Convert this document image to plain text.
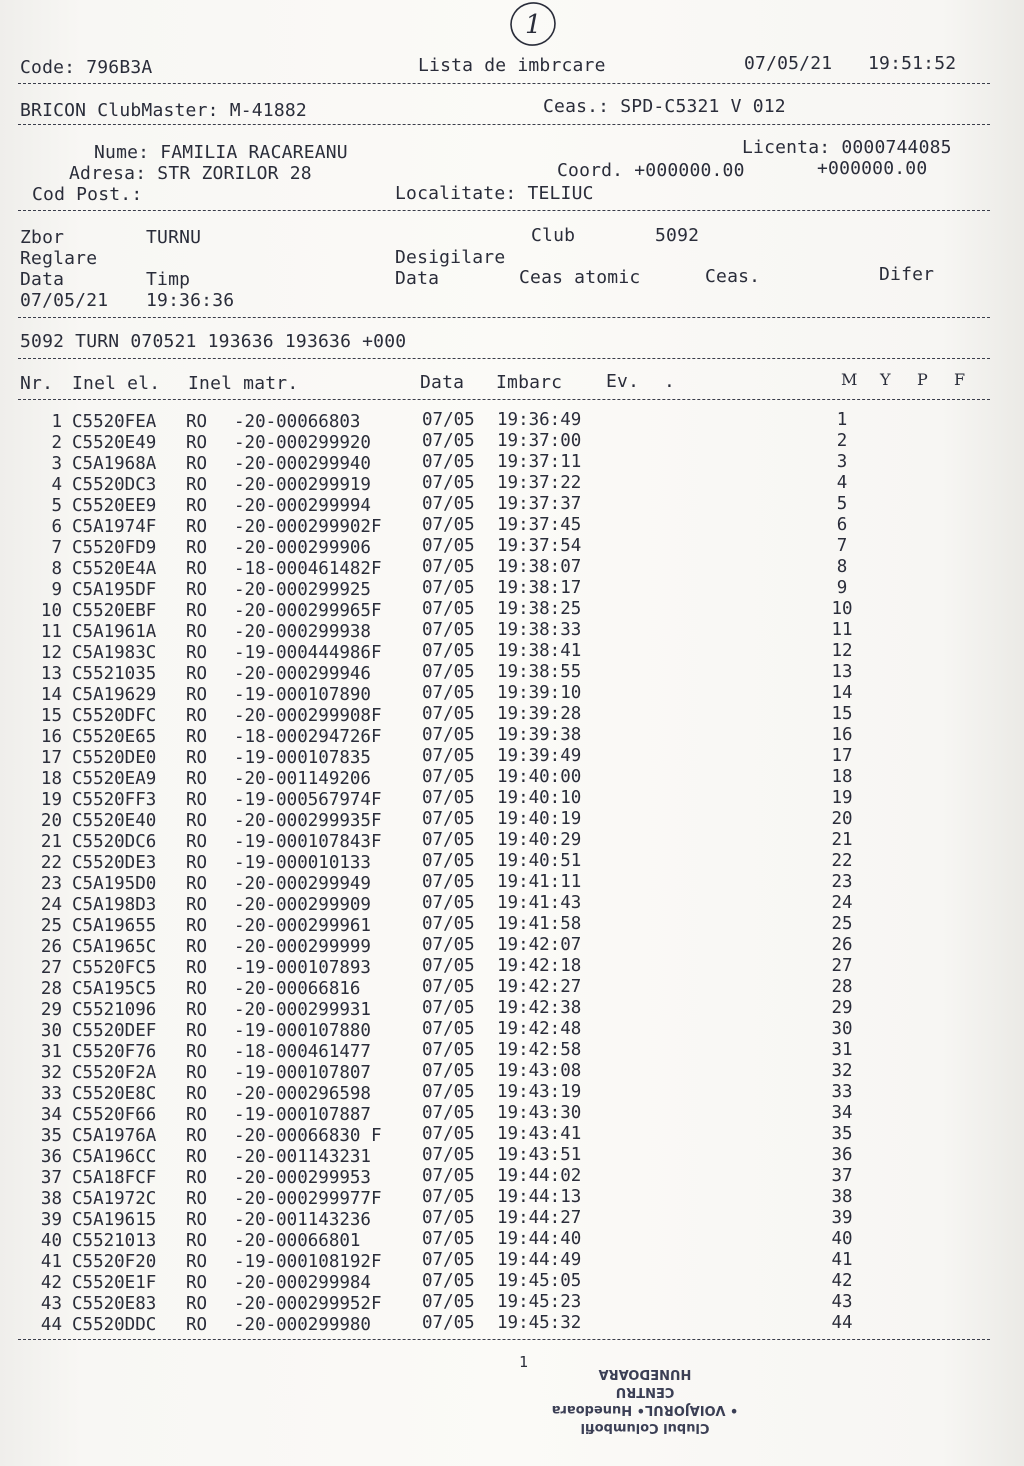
1
Code: 796B3A	Lista de imbrcare	07/05/21 19:51:52
BRICON ClubMaster: M-41882	Ceas.: SPD-C5321 V 012
Nume: FAMILIA RACAREANU	Licenta: 0000744085
Adresa: STR ZORILOR 28	Coord. +000000.00	+000000.00
Cod Post.:	Localitate: TELIUC
Zbor	TURNU	Club	5092
Reglare	Desigilare
Data	Timp	Data	Ceas atomic	Ceas.	Difer
07/05/21 19:36:36
5092 TURN 070521 193636 193636 +000
Nr. Inel el. Inel matr.	Data Imbarc Ev. .	M Y P F
1 C5520FEA RO -20-00066803	07/05 19:36:49	1
2 C5520E49 RO -20-000299920	07/05 19:37:00	2
3 C5A1968A RO -20-000299940	07/05 19:37:11	3
4 C5520DC3 RO -20-000299919	07/05 19:37:22	4
5 C5520EE9 RO -20-000299994	07/05 19:37:37	5
6 C5A1974F RO -20-000299902F 07/05 19:37:45	6
7 C5520FD9 RO -20-000299906	07/05 19:37:54	7
8 C5520E4A RO -18-000461482F 07/05 19:38:07	8
9 C5A195DF RO -20-000299925	07/05 19:38:17	9
10 C5520EBF RO -20-000299965F 07/05 19:38:25	10
11 C5A1961A RO -20-000299938	07/05 19:38:33	11
12 C5A1983C RO -19-000444986F 07/05 19:38:41	12
13 C5521035 RO -20-000299946	07/05 19:38:55	13
14 C5A19629 RO -19-000107890	07/05 19:39:10	14
15 C5520DFC RO -20-000299908F 07/05 19:39:28	15
16 C5520E65 RO -18-000294726F 07/05 19:39:38	16
17 C5520DE0 RO -19-000107835	07/05 19:39:49	17
18 C5520EA9 RO -20-001149206	07/05 19:40:00	18
19 C5520FF3 RO -19-000567974F 07/05 19:40:10	19
20 C5520E40 RO -20-000299935F 07/05 19:40:19	20
21 C5520DC6 RO -19-000107843F 07/05 19:40:29	21
22 C5520DE3 RO -19-000010133	07/05 19:40:51	22
23 C5A195D0 RO -20-000299949	07/05 19:41:11	23
24 C5A198D3 RO -20-000299909	07/05 19:41:43	24
25 C5A19655 RO -20-000299961	07/05 19:41:58	25
26 C5A1965C RO -20-000299999	07/05 19:42:07	26
27 C5520FC5 RO -19-000107893	07/05 19:42:18	27
28 C5A195C5 RO -20-00066816	07/05 19:42:27	28
29 C5521096 RO -20-000299931	07/05 19:42:38	29
30 C5520DEF RO -19-000107880	07/05 19:42:48	30
31 C5520F76 RO -18-000461477	07/05 19:42:58	31
32 C5520F2A RO -19-000107807	07/05 19:43:08	32
33 C5520E8C RO -20-000296598	07/05 19:43:19	33
34 C5520F66 RO -19-000107887	07/05 19:43:30	34
35 C5A1976A RO -20-00066830 F 07/05 19:43:41	35
36 C5A196CC RO -20-001143231	07/05 19:43:51	36
37 C5A18FCF RO -20-000299953	07/05 19:44:02	37
38 C5A1972C RO -20-000299977F 07/05 19:44:13	38
39 C5A19615 RO -20-001143236	07/05 19:44:27	39
40 C5521013 RO -20-00066801	07/05 19:44:40	40
41 C5520F20 RO -19-000108192F 07/05 19:44:49	41
42 C5520E1F RO -20-000299984	07/05 19:45:05	42
43 C5520E83 RO -20-000299952F 07/05 19:45:23	43
44 C5520DDC RO -20-000299980	07/05 19:45:32	44
1
Clubul Columbofil
• VOIAJORUL• Hunedoara
CENTRU
HUNEDOARA
